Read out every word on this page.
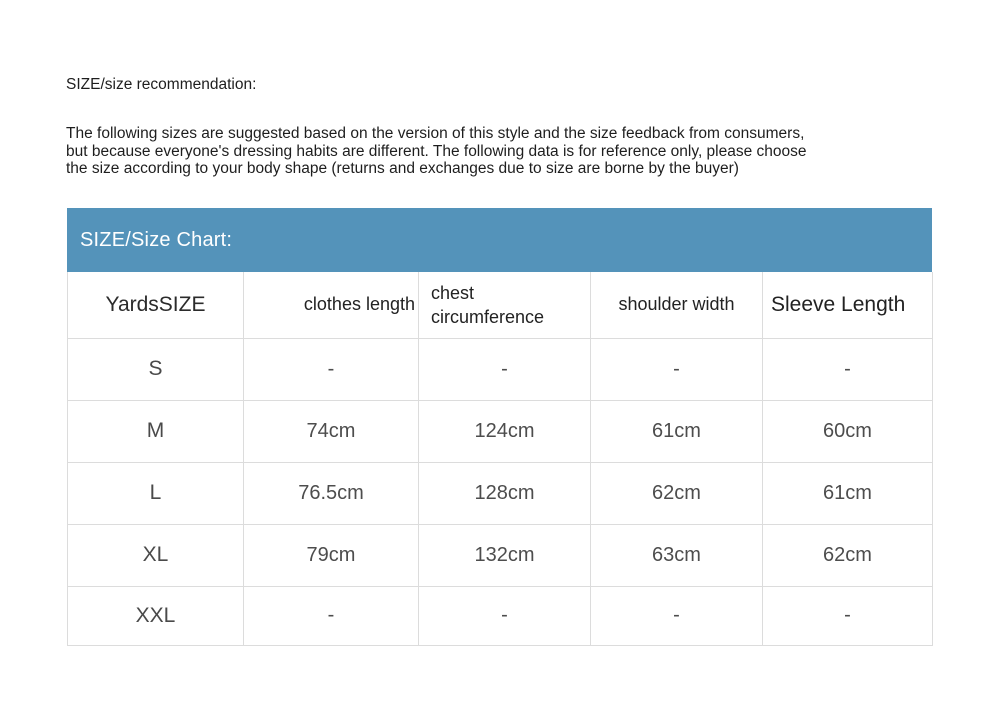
SIZE/size recommendation:
The following sizes are suggested based on the version of this style and the size feedback from consumers,
but because everyone's dressing habits are different. The following data is for reference only, please choose
the size according to your body shape (returns and exchanges due to size are borne by the buyer)
SIZE/Size Chart:
YardsSIZE	clothes length	chest circumference	shoulder width	Sleeve Length
S	-	-	-	-
M	74cm	124cm	61cm	60cm
L	76.5cm	128cm	62cm	61cm
XL	79cm	132cm	63cm	62cm
XXL	-	-	-	-
